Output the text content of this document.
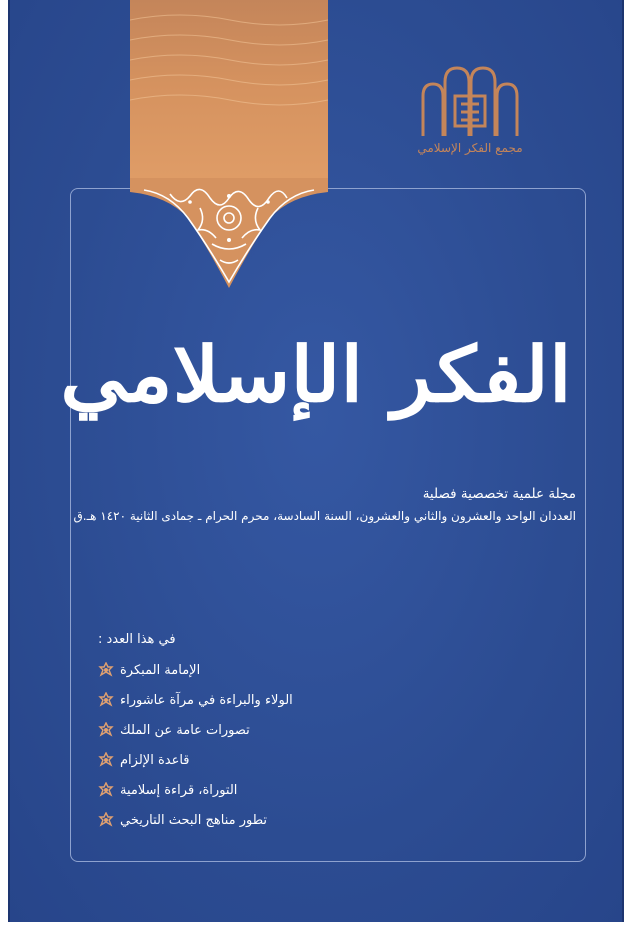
مجمع الفكر الإسلامي
الفكر الإسلامي
مجلة علمية تخصصية فصلية
العددان الواحد والعشرون والثاني والعشرون، السنة السادسة، محرم الحرام ـ جمادى الثانية ١٤٢٠ هـ.ق
في هذا العدد :
الإمامة المبكرة
الولاء والبراءة في مرآة عاشوراء
تصورات عامة عن الملك
قاعدة الإلزام
التوراة، قراءة إسلامية
تطور مناهج البحث التاريخي
